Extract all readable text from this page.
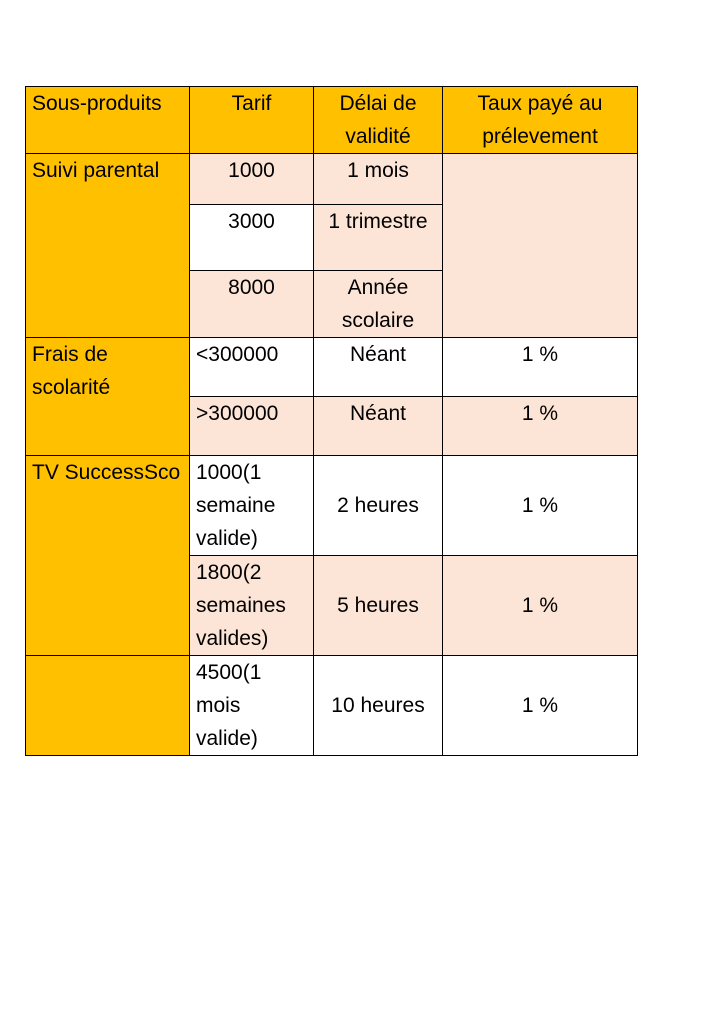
Sous-produits	Tarif	Délai de validité	Taux payé au prélevement
Suivi parental	1000	1 mois	
	3000	1 trimestre	
	8000	Année scolaire	
Frais de scolarité	<300000	Néant	1 %
	>300000	Néant	1 %
TV SuccessSco	1000(1 semaine valide)	2 heures	1 %
	1800(2 semaines valides)	5 heures	1 %
	4500(1 mois valide)	10 heures	1 %
